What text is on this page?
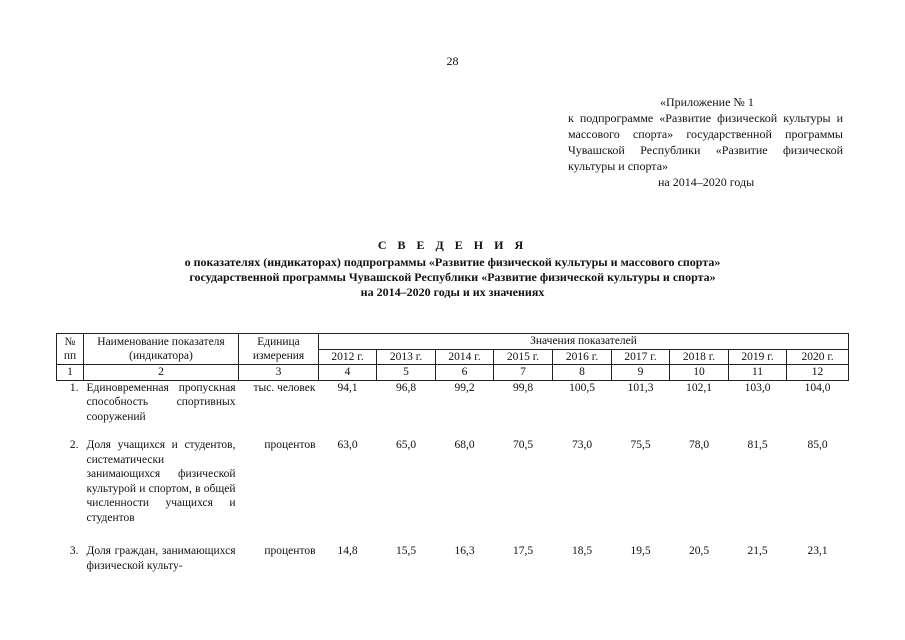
28
«Приложение № 1
к подпрограмме «Развитие физической культуры и массового спорта» государственной программы Чувашской Республики «Развитие физической культуры и спорта»
на 2014–2020 годы
С В Е Д Е Н И Я
о показателях (индикаторах) подпрограммы «Развитие физической культуры и массового спорта»
государственной программы Чувашской Республики «Развитие физической культуры и спорта»
на 2014–2020 годы и их значениях
№ пп	Наименование показателя (индикатора)	Единица измерения	Значения показателей								
			2012 г.	2013 г.	2014 г.	2015 г.	2016 г.	2017 г.	2018 г.	2019 г.	2020 г.
1	2	3	4	5	6	7	8	9	10	11	12
1.	Единовременная пропускная способность спортивных сооружений	тыс. человек	94,1	96,8	99,2	99,8	100,5	101,3	102,1	103,0	104,0
2.	Доля учащихся и студентов, систематически занимающихся физической культурой и спортом, в общей численности учащихся и студентов	процентов	63,0	65,0	68,0	70,5	73,0	75,5	78,0	81,5	85,0
3.	Доля граждан, занимающихся физической культу-	процентов	14,8	15,5	16,3	17,5	18,5	19,5	20,5	21,5	23,1
